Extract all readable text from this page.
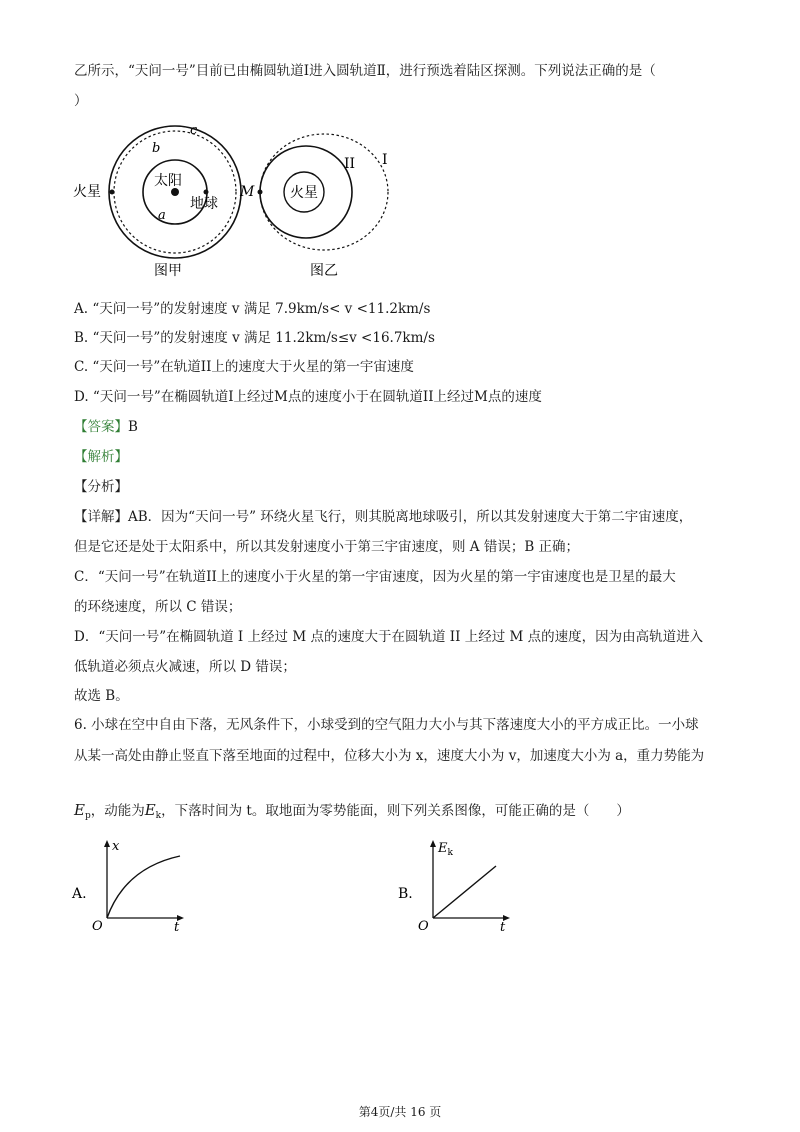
乙所示，“天问一号”目前已由椭圆轨道Ⅰ进入圆轨道Ⅱ，进行预选着陆区探测。下列说法正确的是（
）
c
b
a
太阳
火星
地球
图甲
M	火星
II I
图乙
A. “天问一号”的发射速度 v 满足 7.9km/s< v <11.2km/s
B. “天问一号”的发射速度 v 满足 11.2km/s≤v <16.7km/s
C. “天问一号”在轨道II上的速度大于火星的第一宇宙速度
D. “天问一号”在椭圆轨道I上经过M点的速度小于在圆轨道II上经过M点的速度
【答案】B
【解析】
【分析】
【详解】AB．因为“天问一号” 环绕火星飞行，则其脱离地球吸引，所以其发射速度大于第二宇宙速度，
但是它还是处于太阳系中，所以其发射速度小于第三宇宙速度，则 A 错误；B 正确；
C．“天问一号”在轨道II上的速度小于火星的第一宇宙速度，因为火星的第一宇宙速度也是卫星的最大
的环绕速度，所以 C 错误；
D．“天问一号”在椭圆轨道 I 上经过 M 点的速度大于在圆轨道 II 上经过 M 点的速度，因为由高轨道进入
低轨道必须点火减速，所以 D 错误；
故选 B。
6. 小球在空中自由下落，无风条件下，小球受到的空气阻力大小与其下落速度大小的平方成正比。一小球
从某一高处由静止竖直下落至地面的过程中，位移大小为 x，速度大小为 v，加速度大小为 a，重力势能为
$E_p$，动能为$E_k$，下落时间为 t。取地面为零势能面，则下列关系图像，可能正确的是（　　）
A.
x
t
O
B.
$E_k$
t
O
第4页/共 16 页
